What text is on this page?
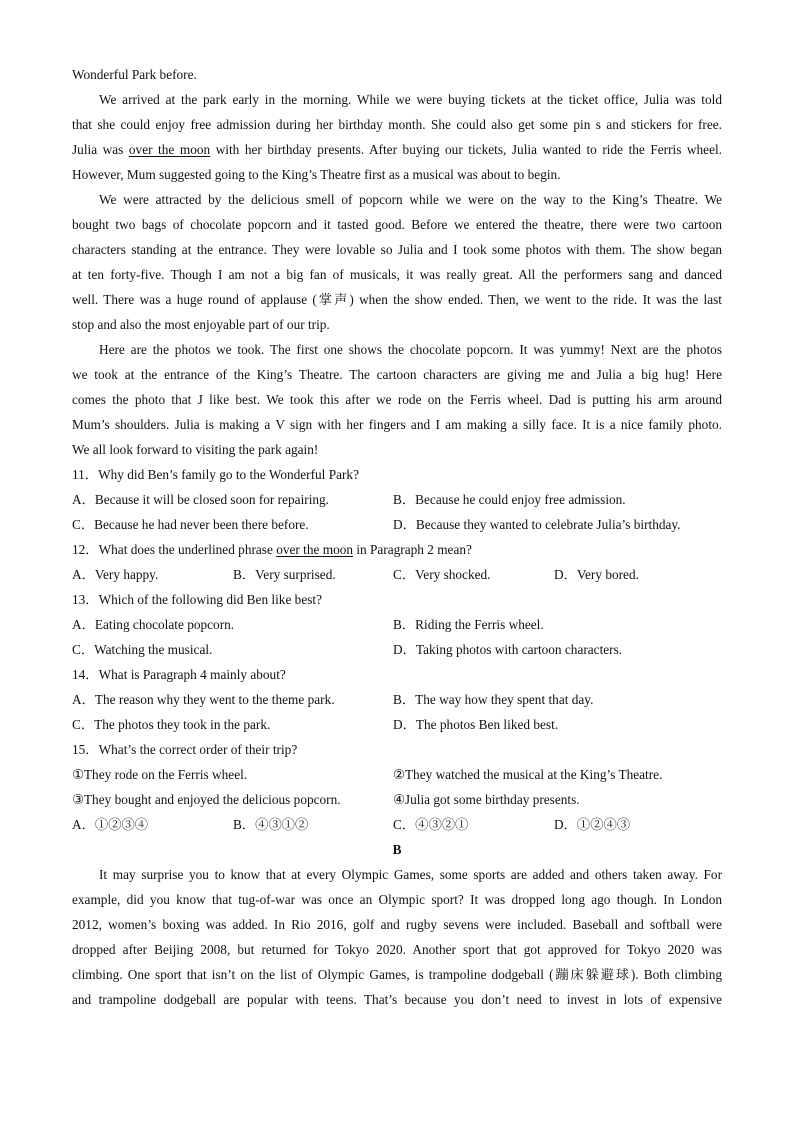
Wonderful Park before.
We arrived at the park early in the morning. While we were buying tickets at the ticket office, Julia was told
that she could enjoy free admission during her birthday month. She could also get some pin s and stickers for free.
Julia was over the moon with her birthday presents. After buying our tickets, Julia wanted to ride the Ferris wheel.
However, Mum suggested going to the King’s Theatre first as a musical was about to begin.
We were attracted by the delicious smell of popcorn while we were on the way to the King’s Theatre. We
bought two bags of chocolate popcorn and it tasted good. Before we entered the theatre, there were two cartoon
characters standing at the entrance. They were lovable so Julia and I took some photos with them. The show began
at ten forty-five. Though I am not a big fan of musicals, it was really great. All the performers sang and danced
well. There was a huge round of applause (掌声) when the show ended. Then, we went to the ride. It was the last
stop and also the most enjoyable part of our trip.
Here are the photos we took. The first one shows the chocolate popcorn. It was yummy! Next are the photos
we took at the entrance of the King’s Theatre. The cartoon characters are giving me and Julia a big hug! Here
comes the photo that J like best. We took this after we rode on the Ferris wheel. Dad is putting his arm around
Mum’s shoulders. Julia is making a V sign with her fingers and I am making a silly face. It is a nice family photo.
We all look forward to visiting the park again!
11．Why did Ben’s family go to the Wonderful Park?
A．Because it will be closed soon for repairing.	B．Because he could enjoy free admission.
C．Because he had never been there before.	D．Because they wanted to celebrate Julia’s birthday.
12．What does the underlined phrase over the moon in Paragraph 2 mean?
A．Very happy.	B．Very surprised.	C．Very shocked.	D．Very bored.
13．Which of the following did Ben like best?
A．Eating chocolate popcorn.	B．Riding the Ferris wheel.
C．Watching the musical.	D．Taking photos with cartoon characters.
14．What is Paragraph 4 mainly about?
A．The reason why they went to the theme park.	B．The way how they spent that day.
C．The photos they took in the park.	D．The photos Ben liked best.
15．What’s the correct order of their trip?
①They rode on the Ferris wheel.	②They watched the musical at the King’s Theatre.
③They bought and enjoyed the delicious popcorn.	④Julia got some birthday presents.
A．①②③④	B．④③①②	C．④③②①	D．①②④③
B
It may surprise you to know that at every Olympic Games, some sports are added and others taken away. For
example, did you know that tug-of-war was once an Olympic sport? It was dropped long ago though. In London
2012, women’s boxing was added. In Rio 2016, golf and rugby sevens were included. Baseball and softball were
dropped after Beijing 2008, but returned for Tokyo 2020. Another sport that got approved for Tokyo 2020 was
climbing. One sport that isn’t on the list of Olympic Games, is trampoline dodgeball (蹦床躲避球). Both climbing
and trampoline dodgeball are popular with teens. That’s because you don’t need to invest in lots of expensive
